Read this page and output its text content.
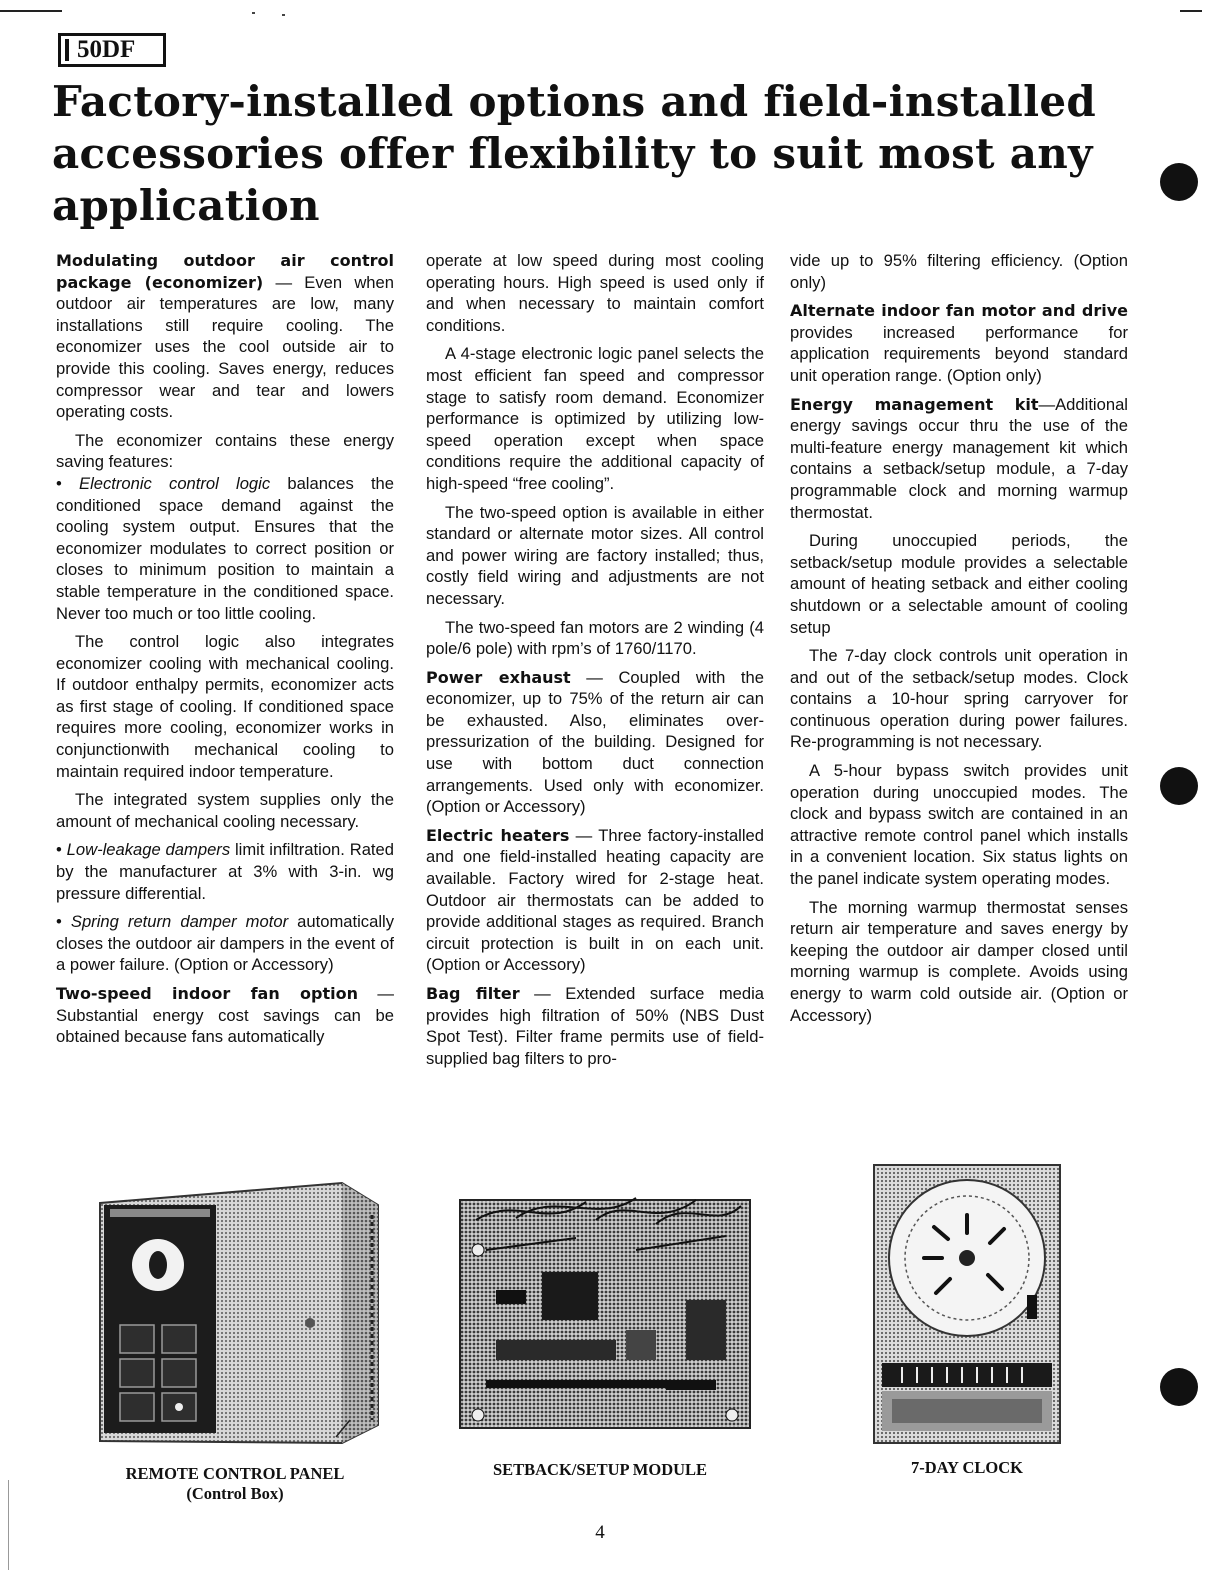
50DF
Factory-installed options and field-installed accessories offer flexibility to suit most any application

Modulating outdoor air control package (economizer) — Even when outdoor air temperatures are low, many installations still require cooling. The economizer uses the cool outside air to provide this cooling. Saves energy, reduces compressor wear and tear and lowers operating costs.

The economizer contains these energy saving features:

• Electronic control logic balances the conditioned space demand against the cooling system output. Ensures that the economizer modulates to correct position or closes to minimum position to maintain a stable temperature in the conditioned space. Never too much or too little cooling.

The control logic also integrates economizer cooling with mechanical cooling. If outdoor enthalpy permits, economizer acts as first stage of cooling. If conditioned space requires more cooling, economizer works in conjunctionwith mechanical cooling to maintain required indoor temperature.

The integrated system supplies only the amount of mechanical cooling necessary.

• Low-leakage dampers limit infiltration. Rated by the manufacturer at 3% with 3-in. wg pressure differential.

• Spring return damper motor automatically closes the outdoor air dampers in the event of a power failure. (Option or Accessory)

Two-speed indoor fan option — Substantial energy cost savings can be obtained because fans automatically

operate at low speed during most cooling operating hours. High speed is used only if and when necessary to maintain comfort conditions.

A 4-stage electronic logic panel selects the most efficient fan speed and compressor stage to satisfy room demand. Economizer performance is optimized by utilizing low-speed operation except when space conditions require the additional capacity of high-speed “free cooling”.

The two-speed option is available in either standard or alternate motor sizes. All control and power wiring are factory installed; thus, costly field wiring and adjustments are not necessary.

The two-speed fan motors are 2 winding (4 pole/6 pole) with rpm’s of 1760/1170.

Power exhaust — Coupled with the economizer, up to 75% of the return air can be exhausted. Also, eliminates over-pressurization of the building. Designed for use with bottom duct connection arrangements. Used only with economizer. (Option or Accessory)

Electric heaters — Three factory-installed and one field-installed heating capacity are available. Factory wired for 2-stage heat. Outdoor air thermostats can be added to provide additional stages as required. Branch circuit protection is built in on each unit. (Option or Accessory)

Bag filter — Extended surface media provides high filtration of 50% (NBS Dust Spot Test). Filter frame permits use of field-supplied bag filters to pro-

vide up to 95% filtering efficiency. (Option only)

Alternate indoor fan motor and drive provides increased performance for application requirements beyond standard unit operation range. (Option only)

Energy management kit—Additional energy savings occur thru the use of the multi-feature energy management kit which contains a setback/setup module, a 7-day programmable clock and morning warmup thermostat.

During unoccupied periods, the setback/setup module provides a selectable amount of heating setback and either cooling shutdown or a selectable amount of cooling setup

The 7-day clock controls unit operation in and out of the setback/setup modes. Clock contains a 10-hour spring carryover for continuous operation during power failures. Re-programming is not necessary.

A 5-hour bypass switch provides unit operation during unoccupied modes. The clock and bypass switch are contained in an attractive remote control panel which installs in a convenient location. Six status lights on the panel indicate system operating modes.

The morning warmup thermostat senses return air temperature and saves energy by keeping the outdoor air damper closed until morning warmup is complete. Avoids using energy to warm cold outside air. (Option or Accessory)

REMOTE CONTROL PANEL
(Control Box)
SETBACK/SETUP MODULE	7-DAY CLOCK
4
